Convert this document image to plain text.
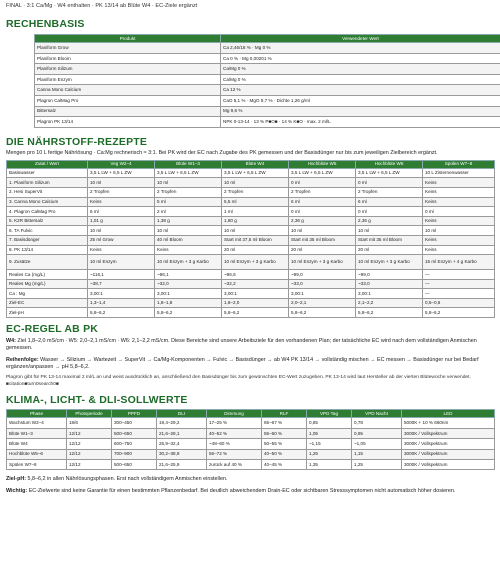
FINAL · 3:1 Ca/Mg · W4 enthalten · PK 13/14 ab Blüte W4 · EC-Ziele ergänzt
RECHENBASIS
Produkt	Verwendeter Wert
Planiform Grow	Ca 2,46/18 % · Mg 0 %
Planiform Bloom	Ca 0 % · Mg 0,00201 %
Planiform Silizum	Ca/Mg 0 %
Planiform Enzym	Ca/Mg 0 %
Canna Mono Calcium	Ca 12 %
Plagron CalMag Pro	CaO 5,1 % · MgO 5,7 % · Dichte 1,26 g/ml
Bittersalz	Mg 9,6 %
Plagron PK 13/14	NPK 0-13-14 · 13 % P■O■ · 14 % K■O · max. 2 ml/L
DIE NÄHRSTOFF-REZEPTE

Mengen pro 10 L fertige Nährlösung · Ca:Mg rechnerisch ≈ 3:1. Bei PK wird der EC nach Zugabe des PK gemessen und der Basisdünger nur bis zum jeweiligen Zielbereich ergänzt.

Zutat / Wert	Veg W2–4	Blüte W1–3	Blüte W4	Hochblüte W5	Hochblüte W6	Spülen W7–8
Basiswasser	3,5 L LW + 6,5 L ZW	3,5 L LW + 6,5 L ZW	3,5 L LW + 6,5 L ZW	3,5 L LW + 6,5 L ZW	3,5 L LW + 6,5 L ZW	10 L Zisternenwasser
1. Planiform Silizum	10 ml	10 ml	10 ml	0 ml	0 ml	Keins
2. Hesi SuperVit	2 Tropfen	2 Tropfen	2 Tropfen	2 Tropfen	2 Tropfen	Keins
3. Canna Mono Calcium	Keins	5 ml	5,5 ml	6 ml	6 ml	Keins
4. Plagron CalMag Pro	6 ml	2 ml	1 ml	0 ml	0 ml	0 ml
5. K2R Bittersalz	1,01 g	1,38 g	1,80 g	2,36 g	2,36 g	Keins
6. TA Fulvic	10 ml	10 ml	10 ml	10 ml	10 ml	10 ml
7. Basisdünger	25 ml Grow	40 ml Bloom	Start mit 37,5 ml Bloom	Start mit 35 ml Bloom	Start mit 35 ml Bloom	Keins
8. PK 13/14	Keins	Keins	20 ml	20 ml	20 ml	Keins
9. Zusätze	10 ml Enzym	10 ml Enzym + 3 g Karbo	10 ml Enzym + 3 g Karbo	10 ml Enzym + 3 g Karbo	10 ml Enzym + 3 g Karbo	15 ml Enzym + 4 g Karbo
Reales Ca (mg/L)	~116,1	~96,1	~96,6	~99,0	~99,0	—
Reales Mg (mg/L)	~38,7	~32,0	~32,2	~33,0	~33,0	—
Ca : Mg	3,00:1	3,00:1	3,00:1	3,00:1	3,00:1	—
Ziel-EC	1,3–1,4	1,8–1,8	1,8–2,0	2,0–2,1	2,1–2,2	0,5–0,6
Ziel-pH	5,8–6,2	5,8–6,2	5,8–6,2	5,8–6,2	5,8–6,2	5,8–6,2
EC-REGEL AB PK

W4: Ziel 1,8–2,0 mS/cm · W5: 2,0–2,1 mS/cm · W6: 2,1–2,2 mS/cm. Diese Bereiche sind unsere Arbeitsziele für den vorhandenen Plan; der tatsächliche EC wird nach dem vollständigen Anmischen gemessen.

Reihenfolge: Wasser → Silizium → Wartezeit → SuperVit → Ca/Mg-Komponenten → Fulvic → Basisdünger → ab W4 PK 13/14 → vollständig mischen → EC messen → Basisdünger nur bei Bedarf ergänzen/anpassen → pH 5,8–6,2.

Plagron gibt für PK 13-14 maximal 2 ml/L an und weist ausdrücklich an, anschließend den Basisdünger bis zum gewünschten EC-Wert zuzugeben. PK 13-14 wird laut Hersteller ab der vierten Blütewoche verwendet. ■citation■turn0search0■

KLIMA-, LICHT- & DLI-SOLLWERTE
Phase	Photoperiode	PPFD	DLI	Dimmung	RLF	VPD Tag	VPD Nacht	LED
Wachstum W2–4	18/6	300–450	19,4–29,2	17–25 %	65–67 %	0,85	0,78	5000K + 10 % 660nm
Blüte W1–3	12/12	500–650	21,6–28,1	40–52 %	55–60 %	1,05	0,95	3000K / Vollspektrum
Blüte W4	12/12	600–750	25,9–32,4	~48–60 %	50–55 %	~1,15	~1,05	3000K / Vollspektrum
Hochblüte W5–6	12/12	700–900	30,2–38,9	56–72 %	40–50 %	1,25	1,15	3000K / Vollspektrum
Spülen W7–8	12/12	500–650	21,6–25,9	zurück auf 40 %	40–45 %	1,35	1,25	3000K / Vollspektrum

Ziel-pH: 5,8–6,2 in allen Nährlösungsphasen. Erst nach vollständigem Anmischen einstellen.

Wichtig: EC-Zielwerte sind keine Garantie für einen bestimmten Pflanzenbedarf. Bei deutlich abweichendem Drain-EC oder sichtbaren Stresssymptomen nicht automatisch höher dosieren.
